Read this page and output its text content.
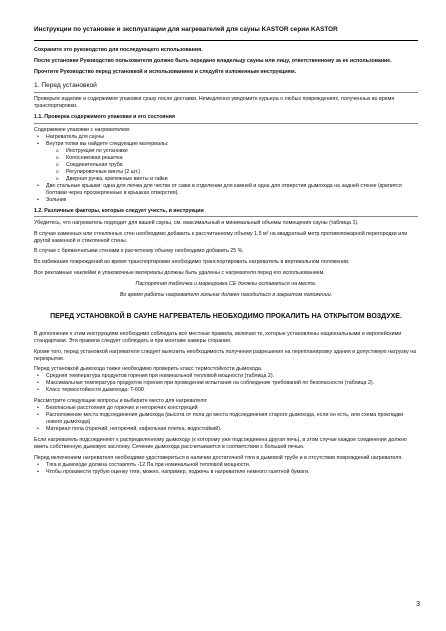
Инструкции по установке и эксплуатации для нагревателей для сауны KASTOR серии KASTOR

Сохраните это руководство для последующего использования.

После установки Руководство пользователя должно быть передано владельцу сауны или лицу, ответственному за ее использование.

Прочтите Руководство перед установкой и использованием и следуйте изложенным инструкциям.

1. Перед установкой

Проверьте изделие и содержимое упаковки сразу после доставки. Немедленно уведомите курьера о любых повреждениях, полученных во время транспортировки.

1.1. Проверка содержимого упаковки и его состояния
Содержимое упаковки с нагревателем:
• Нагреватель для сауны
• Внутри топки вы найдете следующие материалы:
o Инструкция по установке
o Колосниковая решетка
o Соединительная труба
o Регулировочные винты (2 шт.)
o Дверная ручка, крепежные винты и гайки
• Две стальные крышки: одна для лючка для чистки от сажи в отделении для камней и одна для отверстия дымохода на задней стенке (крепится болтами через просверленные в крышках отверстия).
• Зольник
1.2. Различные факторы, которые следует учесть, и инструкции

Убедитесь, что нагреватель подходит для вашей сауны, см. максимальный и минимальный объемы помещения сауны (таблица 1).

В случае каменных или стеклянных стен необходимо добавить к рассчитанному объему 1,5 м³ на квадратный метр противопожарной перегородки или другой каменной и стеклянной стены.

В случае с бревенчатыми стенами к расчетному объему необходимо добавить 25 %.

Во избежание повреждений во время транспортировки необходимо транспортировать нагреватель в вертикальном положении.

Все рекламные наклейки и упаковочные материалы должны быть удалены с нагревателя перед его использованием.

Паспортная табличка и маркировка CE должны оставаться на месте.
Во время работы нагревателя зольник должен находиться в закрытом положении.
ПЕРЕД УСТАНОВКОЙ В САУНЕ НАГРЕВАТЕЛЬ НЕОБХОДИМО ПРОКАЛИТЬ НА ОТКРЫТОМ ВОЗДУХЕ.

В дополнение к этим инструкциям необходимо соблюдать все местные правила, включая те, которые установлены национальными и европейскими стандартами. Эти правила следует соблюдать и при монтаже камеры сгорания.

Кроме того, перед установкой нагревателя следует выяснить необходимость получения разрешения на перепланировку здания и допустимую нагрузку на перекрытие.

Перед установкой дымохода также необходимо проверить класс термостойкости дымохода.
• Средняя температура продуктов горения при номинальной тепловой мощности (таблица 2).
• Максимальная температура продуктов горения при проведении испытания на соблюдение требований по безопасности (таблица 2).
• Класс термостойкости дымохода: T-600
Рассмотрите следующие вопросы и выберите место для нагревателя:
• Безопасные расстояния до горючих и негорючих конструкций
• Расположение места подсоединения дымохода (высота от пола до места подсоединения старого дымохода, если он есть, или схема прокладки нового дымохода)
• Материал пола (горючий, негорючий, кафельная плитка, водостойкий).

Если нагреватель подсоединяют к распределенному дымоходу (к которому уже подсоединена другая печь), в этом случае каждое соединение должно иметь собственную дымовую заслонку. Сечение дымохода рассчитывается в соответствии с большей печью.

Перед включением нагревателя необходимо удостовериться в наличии достаточной тяги в дымовой трубе и в отсутствии повреждений нагревателя.
• Тяга в дымоходе должна составлять -12 Па при номинальной тепловой мощности.
• Чтобы произвести грубую оценку тяги, можно, например, поджечь в нагревателе немного газетной бумаги.
3
